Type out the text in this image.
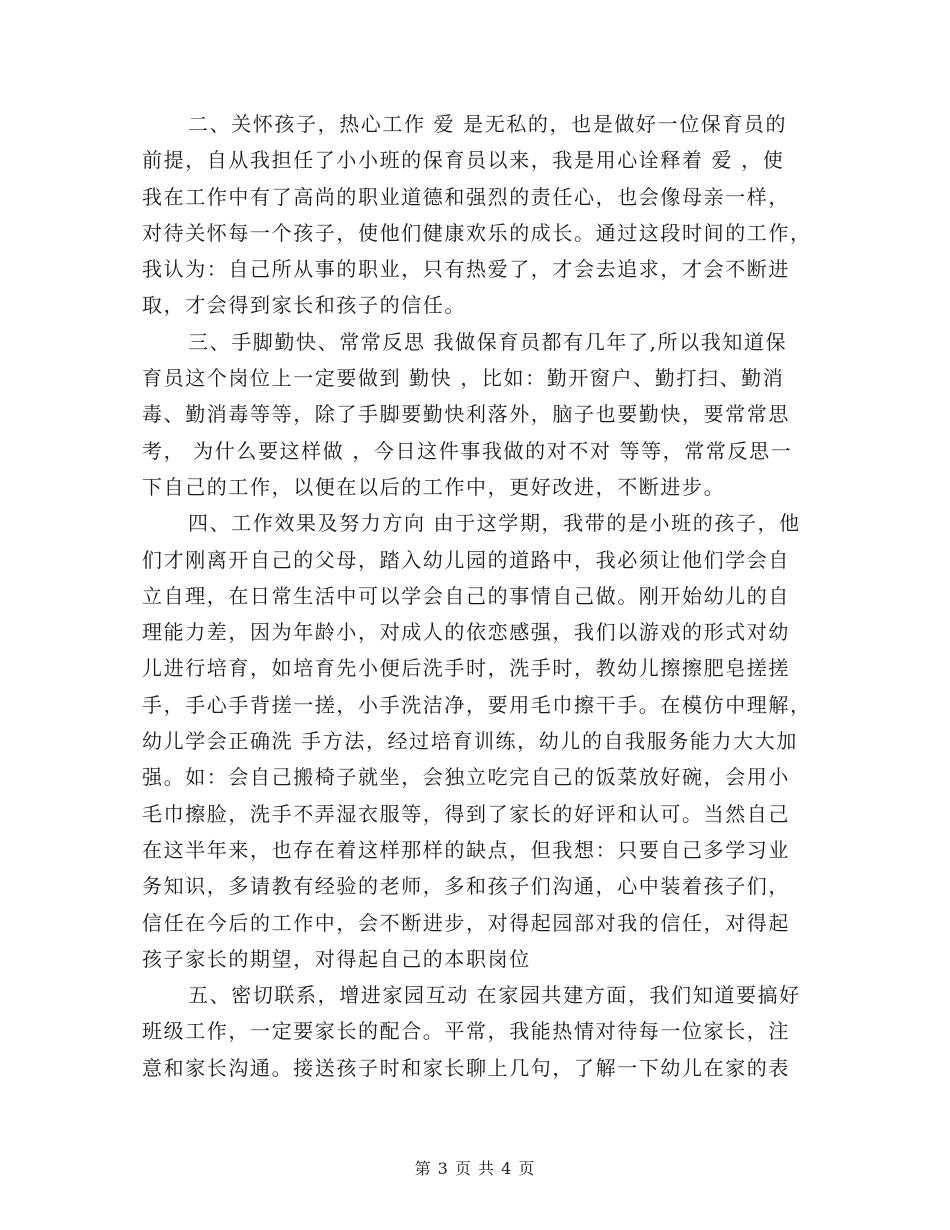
二、关怀孩子，热心工作 爱 是无私的，也是做好一位保育员的
前提，自从我担任了小小班的保育员以来，我是用心诠释着 爱 ，使
我在工作中有了高尚的职业道德和强烈的责任心，也会像母亲一样，
对待关怀每一个孩子，使他们健康欢乐的成长。通过这段时间的工作，
我认为：自己所从事的职业，只有热爱了，才会去追求，才会不断进
取，才会得到家长和孩子的信任。
三、手脚勤快、常常反思 我做保育员都有几年了,所以我知道保
育员这个岗位上一定要做到 勤快 ，比如：勤开窗户、勤打扫、勤消
毒、勤消毒等等，除了手脚要勤快利落外，脑子也要勤快，要常常思
考， 为什么要这样做 ，今日这件事我做的对不对 等等，常常反思一
下自己的工作，以便在以后的工作中，更好改进，不断进步。
四、工作效果及努力方向 由于这学期，我带的是小班的孩子，他
们才刚离开自己的父母，踏入幼儿园的道路中，我必须让他们学会自
立自理，在日常生活中可以学会自己的事情自己做。刚开始幼儿的自
理能力差，因为年龄小，对成人的依恋感强，我们以游戏的形式对幼
儿进行培育，如培育先小便后洗手时，洗手时，教幼儿擦擦肥皂搓搓
手，手心手背搓一搓，小手洗洁净，要用毛巾擦干手。在模仿中理解，
幼儿学会正确洗 手方法，经过培育训练，幼儿的自我服务能力大大加
强。如：会自己搬椅子就坐，会独立吃完自己的饭菜放好碗，会用小
毛巾擦脸，洗手不弄湿衣服等，得到了家长的好评和认可。当然自己
在这半年来，也存在着这样那样的缺点，但我想：只要自己多学习业
务知识，多请教有经验的老师，多和孩子们沟通，心中装着孩子们，
信任在今后的工作中，会不断进步，对得起园部对我的信任，对得起
孩子家长的期望，对得起自己的本职岗位
五、密切联系，增进家园互动 在家园共建方面，我们知道要搞好
班级工作，一定要家长的配合。平常，我能热情对待每一位家长，注
意和家长沟通。接送孩子时和家长聊上几句，了解一下幼儿在家的表
第 3 页 共 4 页
